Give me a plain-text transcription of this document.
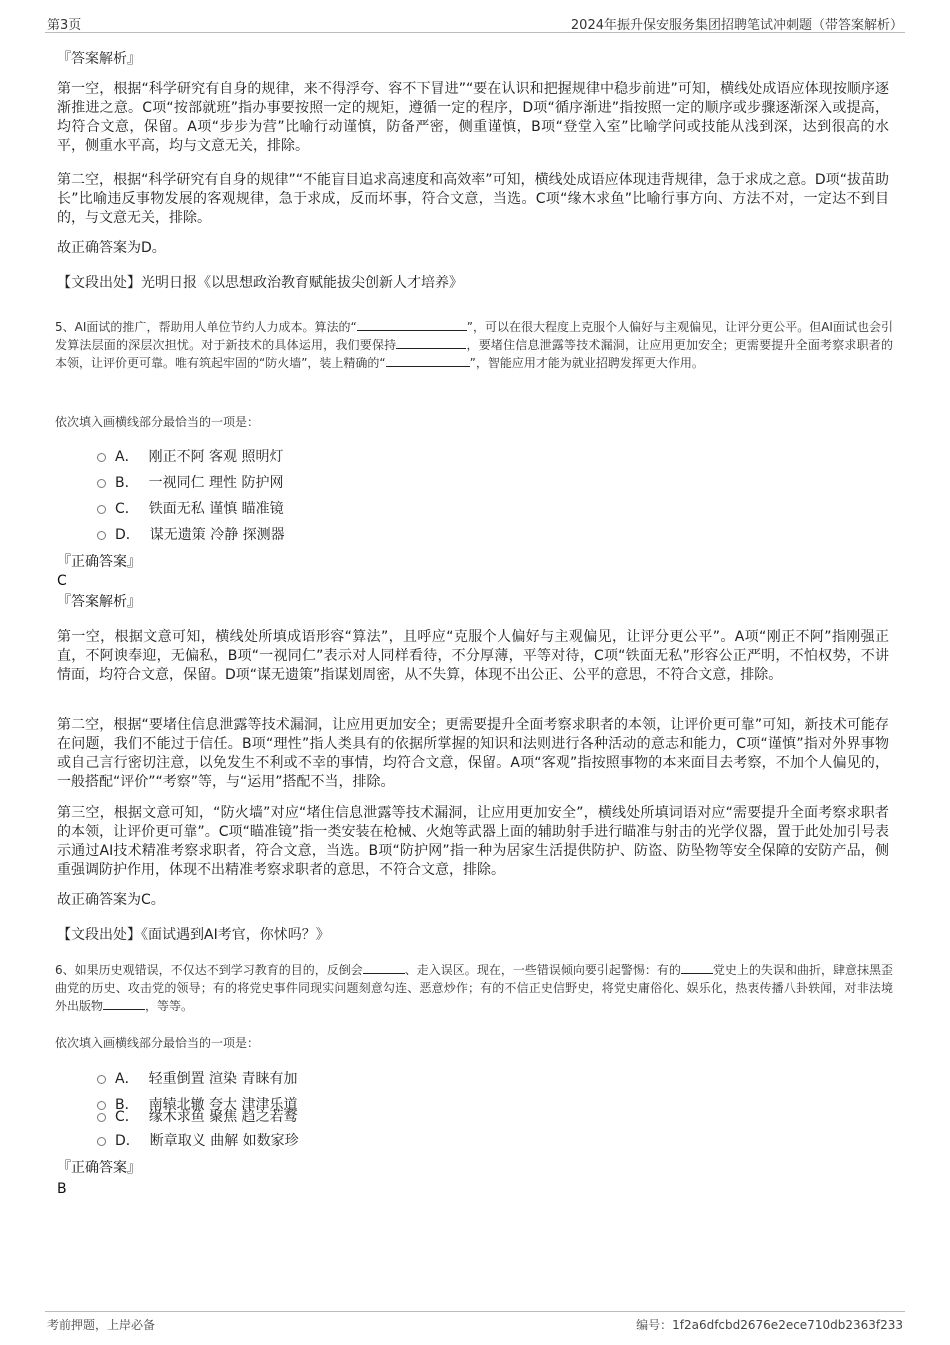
第3页	2024年振升保安服务集团招聘笔试冲刺题（带答案解析）
『答案解析』
第一空，根据“科学研究有自身的规律，来不得浮夸、容不下冒进”“要在认识和把握规律中稳步前进”可知，横线处成语应体现按顺序逐渐推进之意。C项“按部就班”指办事要按照一定的规矩，遵循一定的程序，D项“循序渐进”指按照一定的顺序或步骤逐渐深入或提高，均符合文意，保留。A项“步步为营”比喻行动谨慎，防备严密，侧重谨慎，B项“登堂入室”比喻学问或技能从浅到深，达到很高的水平，侧重水平高，均与文意无关，排除。
第二空，根据“科学研究有自身的规律”“不能盲目追求高速度和高效率”可知，横线处成语应体现违背规律，急于求成之意。D项“拔苗助长”比喻违反事物发展的客观规律，急于求成，反而坏事，符合文意，当选。C项“缘木求鱼”比喻行事方向、方法不对，一定达不到目的，与文意无关，排除。
故正确答案为D。
【文段出处】光明日报《以思想政治教育赋能拔尖创新人才培养》
5、AI面试的推广，帮助用人单位节约人力成本。算法的“	”，可以在很大程度上克服个人偏好与主观偏见，让评分更公平。但AI面试也会引发算法层面的深层次担忧。对于新技术的具体运用，我们要保持	，要堵住信息泄露等技术漏洞，让应用更加安全；更需要提升全面考察求职者的本领，让评价更可靠。唯有筑起牢固的“防火墙”，装上精确的“	”，智能应用才能为就业招聘发挥更大作用。
依次填入画横线部分最恰当的一项是：
A． 刚正不阿 客观 照明灯
B． 一视同仁 理性 防护网
C． 铁面无私 谨慎 瞄准镜
D． 谋无遗策 冷静 探测器
『正确答案』
C
『答案解析』
第一空，根据文意可知，横线处所填成语形容“算法”，且呼应“克服个人偏好与主观偏见，让评分更公平”。A项“刚正不阿”指刚强正直，不阿谀奉迎，无偏私，B项“一视同仁”表示对人同样看待，不分厚薄，平等对待，C项“铁面无私”形容公正严明，不怕权势，不讲情面，均符合文意，保留。D项“谋无遗策”指谋划周密，从不失算，体现不出公正、公平的意思，不符合文意，排除。
第二空，根据“要堵住信息泄露等技术漏洞，让应用更加安全；更需要提升全面考察求职者的本领，让评价更可靠”可知，新技术可能存在问题，我们不能过于信任。B项“理性”指人类具有的依据所掌握的知识和法则进行各种活动的意志和能力，C项“谨慎”指对外界事物或自己言行密切注意，以免发生不利或不幸的事情，均符合文意，保留。A项“客观”指按照事物的本来面目去考察，不加个人偏见的，一般搭配“评价”“考察”等，与“运用”搭配不当，排除。
第三空，根据文意可知，“防火墙”对应“堵住信息泄露等技术漏洞，让应用更加安全”，横线处所填词语对应“需要提升全面考察求职者的本领，让评价更可靠”。C项“瞄准镜”指一类安装在枪械、火炮等武器上面的辅助射手进行瞄准与射击的光学仪器，置于此处加引号表示通过AI技术精准考察求职者，符合文意，当选。B项“防护网”指一种为居家生活提供防护、防盗、防坠物等安全保障的安防产品，侧重强调防护作用，体现不出精准考察求职者的意思，不符合文意，排除。
故正确答案为C。
【文段出处】《面试遇到AI考官，你怵吗？》
6、如果历史观错误，不仅达不到学习教育的目的，反倒会	、走入误区。现在，一些错误倾向要引起警惕：有的	党史上的失误和曲折，肆意抹黑歪曲党的历史、攻击党的领导；有的将党史事件同现实问题刻意勾连、恶意炒作；有的不信正史信野史，将党史庸俗化、娱乐化，热衷传播八卦轶闻，对非法境外出版物	，等等。
依次填入画横线部分最恰当的一项是：
A． 轻重倒置 渲染 青睐有加
B． 南辕北辙 夸大 津津乐道
C． 缘木求鱼 聚焦 趋之若鹜
D． 断章取义 曲解 如数家珍
『正确答案』
B
考前押题，上岸必备	编号：1f2a6dfcbd2676e2ece710db2363f233
